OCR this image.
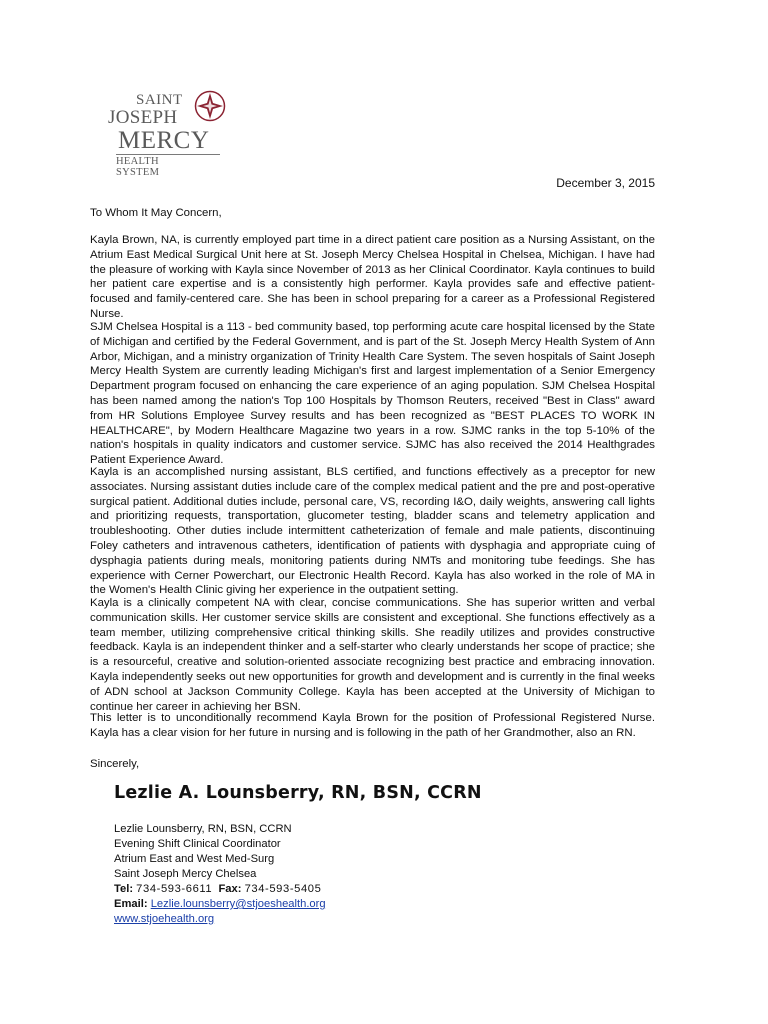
SAINT
JOSEPH
MERCY
HEALTH SYSTEM
December 3, 2015
To Whom It May Concern,
Kayla Brown, NA, is currently employed part time in a direct patient care position as a Nursing Assistant, on the Atrium East Medical Surgical Unit here at St. Joseph Mercy Chelsea Hospital in Chelsea, Michigan. I have had the pleasure of working with Kayla since November of 2013 as her Clinical Coordinator. Kayla continues to build her patient care expertise and is a consistently high performer. Kayla provides safe and effective patient-focused and family-centered care. She has been in school preparing for a career as a Professional Registered Nurse.
SJM Chelsea Hospital is a 113 - bed community based, top performing acute care hospital licensed by the State of Michigan and certified by the Federal Government, and is part of the St. Joseph Mercy Health System of Ann Arbor, Michigan, and a ministry organization of Trinity Health Care System. The seven hospitals of Saint Joseph Mercy Health System are currently leading Michigan's first and largest implementation of a Senior Emergency Department program focused on enhancing the care experience of an aging population. SJM Chelsea Hospital has been named among the nation's Top 100 Hospitals by Thomson Reuters, received "Best in Class" award from HR Solutions Employee Survey results and has been recognized as "BEST PLACES TO WORK IN HEALTHCARE", by Modern Healthcare Magazine two years in a row. SJMC ranks in the top 5-10% of the nation's hospitals in quality indicators and customer service. SJMC has also received the 2014 Healthgrades Patient Experience Award.
Kayla is an accomplished nursing assistant, BLS certified, and functions effectively as a preceptor for new associates. Nursing assistant duties include care of the complex medical patient and the pre and post-operative surgical patient. Additional duties include, personal care, VS, recording I&O, daily weights, answering call lights and prioritizing requests, transportation, glucometer testing, bladder scans and telemetry application and troubleshooting. Other duties include intermittent catheterization of female and male patients, discontinuing Foley catheters and intravenous catheters, identification of patients with dysphagia and appropriate cuing of dysphagia patients during meals, monitoring patients during NMTs and monitoring tube feedings. She has experience with Cerner Powerchart, our Electronic Health Record. Kayla has also worked in the role of MA in the Women's Health Clinic giving her experience in the outpatient setting.
Kayla is a clinically competent NA with clear, concise communications. She has superior written and verbal communication skills. Her customer service skills are consistent and exceptional. She functions effectively as a team member, utilizing comprehensive critical thinking skills. She readily utilizes and provides constructive feedback. Kayla is an independent thinker and a self-starter who clearly understands her scope of practice; she is a resourceful, creative and solution-oriented associate recognizing best practice and embracing innovation. Kayla independently seeks out new opportunities for growth and development and is currently in the final weeks of ADN school at Jackson Community College. Kayla has been accepted at the University of Michigan to continue her career in achieving her BSN.
This letter is to unconditionally recommend Kayla Brown for the position of Professional Registered Nurse. Kayla has a clear vision for her future in nursing and is following in the path of her Grandmother, also an RN.
Sincerely,
Lezlie A. Lounsberry, RN, BSN, CCRN
Lezlie Lounsberry, RN, BSN, CCRN
Evening Shift Clinical Coordinator
Atrium East and West Med-Surg
Saint Joseph Mercy Chelsea
Tel: 734-593-6611 Fax: 734-593-5405
Email: Lezlie.lounsberry@stjoeshealth.org
www.stjoehealth.org
